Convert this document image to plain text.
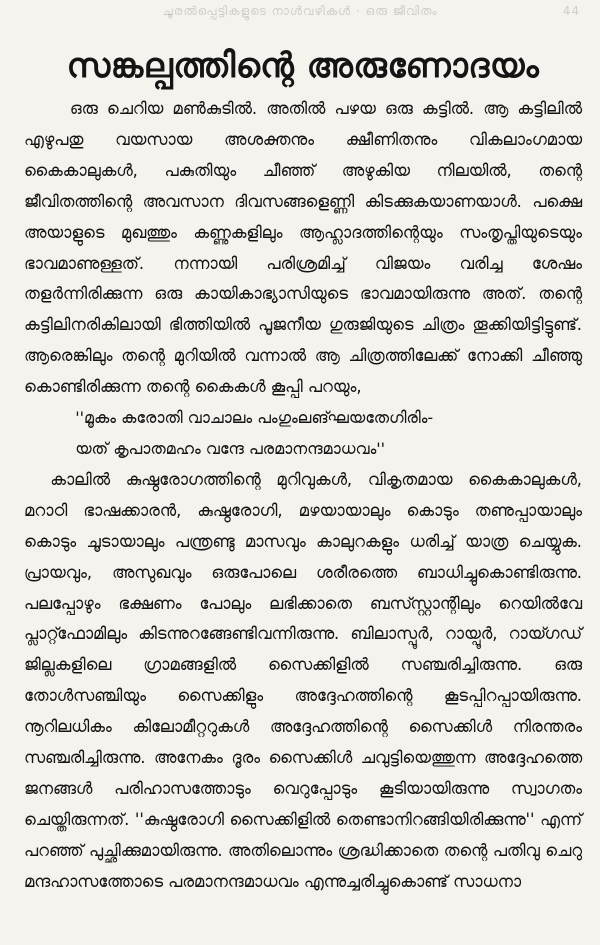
ചൂരൽപ്പെട്ടികളുടെ നാൾവഴികൾ · ഒരു ജീവിതം	44
സങ്കല്പത്തിന്റെ അരുണോദയം

ഒരു ചെറിയ മൺകുടിൽ. അതിൽ പഴയ ഒരു കട്ടിൽ. ആ കട്ടിലിൽ എഴുപതു വയസായ അശക്തനും ക്ഷീണിതനും വികലാംഗമായ കൈകാലുകൾ, പകുതിയും ചീഞ്ഞ് അഴുകിയ നിലയിൽ, തന്റെ ജീവിതത്തിന്റെ അവസാന ദിവസങ്ങളെണ്ണി കിടക്കുകയാണയാൾ. പക്ഷെ അയാളുടെ മുഖത്തും കണ്ണുകളിലും ആഹ്ലാദത്തിന്റെയും സംതൃപ്തിയുടെയും ഭാവമാണുള്ളത്. നന്നായി പരിശ്രമിച്ച് വിജയം വരിച്ച ശേഷം തളർന്നിരിക്കുന്ന ഒരു കായികാഭ്യാസിയുടെ ഭാവമായിരുന്നു അത്. തന്റെ കട്ടിലിനരികിലായി ഭിത്തിയിൽ പൂജനീയ ഗുരുജിയുടെ ചിത്രം തൂക്കിയിട്ടിട്ടുണ്ട്. ആരെങ്കിലും തന്റെ മുറിയിൽ വന്നാൽ ആ ചിത്രത്തിലേക്ക് നോക്കി ചീഞ്ഞു കൊണ്ടിരിക്കുന്ന തന്റെ കൈകൾ കൂപ്പി പറയും,

''മൂകം കരോതി വാചാലം പംഗുംലങ്ഘയതേഗിരിം-
യത് കൃപാതമഹം വന്ദേ പരമാനന്ദമാധവം''

കാലിൽ കുഷ്ഠരോഗത്തിന്റെ മുറിവുകൾ, വികൃതമായ കൈകാലുകൾ, മറാഠി ഭാഷക്കാരൻ, കുഷ്ഠരോഗി, മഴയായാലും കൊടും തണുപ്പായാലും കൊടും ചൂടായാലും പന്ത്രണ്ടു മാസവും കാലുറകളും ധരിച്ച് യാത്ര ചെയ്യുക. പ്രായവും, അസുഖവും ഒരുപോലെ ശരീരത്തെ ബാധിച്ചുകൊണ്ടിരുന്നു. പലപ്പോഴും ഭക്ഷണം പോലും ലഭിക്കാതെ ബസ്സ്റ്റാന്റിലും റെയിൽവേ പ്ലാറ്റ്ഫോമിലും കിടന്നുറങ്ങേണ്ടിവന്നിരുന്നു. ബിലാസ്പൂർ, റായ്പൂർ, റായ്ഗഡ് ജില്ലകളിലെ ഗ്രാമങ്ങളിൽ സൈക്കിളിൽ സഞ്ചരിച്ചിരുന്നു. ഒരു തോൾസഞ്ചിയും സൈക്കിളും അദ്ദേഹത്തിന്റെ കൂടപ്പിറപ്പായിരുന്നു. നൂറിലധികം കിലോമീറ്ററുകൾ അദ്ദേഹത്തിന്റെ സൈക്കിൾ നിരന്തരം സഞ്ചരിച്ചിരുന്നു. അനേകം ദൂരം സൈക്കിൾ ചവുട്ടിയെത്തുന്ന അദ്ദേഹത്തെ ജനങ്ങൾ പരിഹാസത്തോടും വെറുപ്പോടും കൂടിയായിരുന്നു സ്വാഗതം ചെയ്തിരുന്നത്. ''കുഷ്ഠരോഗി സൈക്കിളിൽ തെണ്ടാനിറങ്ങിയിരിക്കുന്നു'' എന്ന് പറഞ്ഞ് പുച്ഛിക്കുമായിരുന്നു. അതിലൊന്നും ശ്രദ്ധിക്കാതെ തന്റെ പതിവു ചെറു മന്ദഹാസത്തോടെ പരമാനന്ദമാധവം എന്നുച്ചരിച്ചുകൊണ്ട് സാധനാ
